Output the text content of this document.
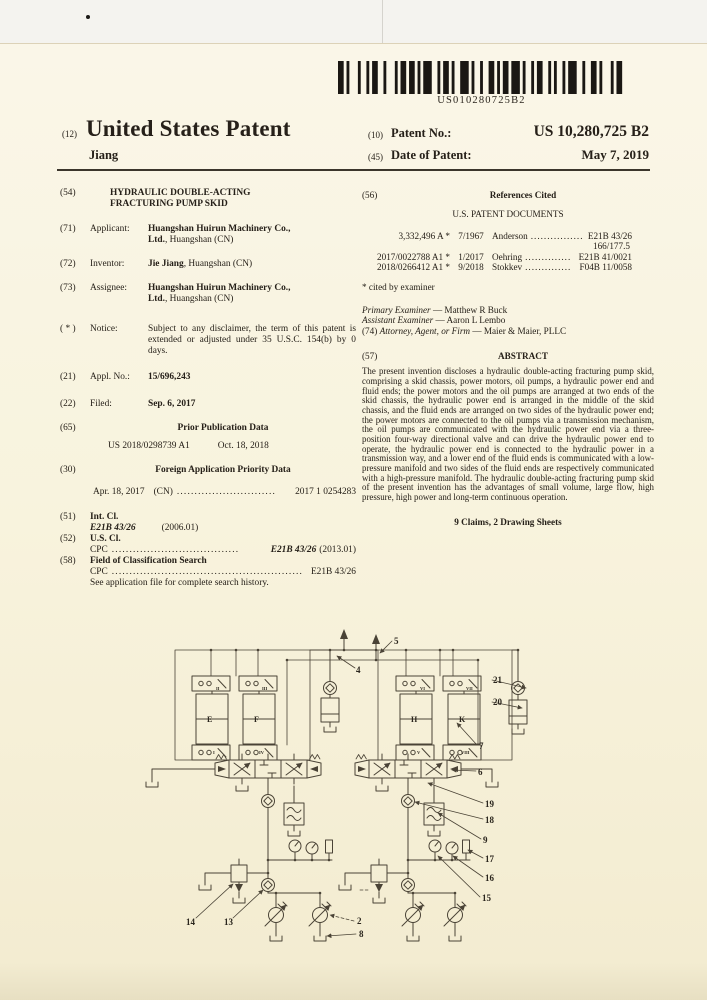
US010280725B2
(12) United States Patent
Jiang
(10) Patent No.:	US 10,280,725 B2
(45) Date of Patent:	May 7, 2019
(54)	HYDRAULIC DOUBLE-ACTING
FRACTURING PUMP SKID
(71)	Applicant:	Huangshan Huirun Machinery Co.,
Ltd., Huangshan (CN)
(72)	Inventor:	Jie Jiang, Huangshan (CN)
(73)	Assignee:	Huangshan Huirun Machinery Co.,
Ltd., Huangshan (CN)
( * )	Notice:	Subject to any disclaimer, the term of this patent is extended or adjusted under 35 U.S.C. 154(b) by 0 days.
(21)	Appl. No.:	15/696,243
(22)	Filed:	Sep. 6, 2017
(65)	Prior Publication Data
US 2018/0298739 A1	Oct. 18, 2018
(30)	Foreign Application Priority Data
Apr. 18, 2017 (CN) ............................	2017 1 0254283
(51)	Int. Cl.
E21B 43/26	(2006.01)
(52)	U.S. Cl.
CPC ....................................	E21B 43/26 (2013.01)
(58)	Field of Classification Search
CPC ...................................................... E21B 43/26
See application file for complete search history.
(56)	References Cited
U.S. PATENT DOCUMENTS
3,332,496 A * 7/1967 Anderson ................ E21B 43/26
166/177.5
2017/0022788 A1 * 1/2017 Oehring .............. E21B 41/0021
2018/0266412 A1 * 9/2018 Stokkev .............. F04B 11/0058
* cited by examiner
Primary Examiner — Matthew R Buck
Assistant Examiner — Aaron L Lembo
(74) Attorney, Agent, or Firm — Maier & Maier, PLLC
(57)	ABSTRACT
The present invention discloses a hydraulic double-acting fracturing pump skid, comprising a skid chassis, power motors, oil pumps, a hydraulic power end and fluid ends; the power motors and the oil pumps are arranged at two ends of the skid chassis, the hydraulic power end is arranged in the middle of the skid chassis, and the fluid ends are arranged on two sides of the hydraulic power end; the power motors are connected to the oil pumps via a transmission mechanism, the oil pumps are communicated with the hydraulic power end via a three-position four-way directional valve and can drive the hydraulic power end to operate, the hydraulic power end is connected to the hydraulic power in a transmission way, and a lower end of the fluid ends is communicated with a low-pressure manifold and two sides of the fluid ends are respectively communicated with a high-pressure manifold. The hydraulic double-acting fracturing pump skid of the present invention has the advantages of small volume, large flow, high pressure, high power and long-term continuous operation.
9 Claims, 2 Drawing Sheets
5
4
21
20
7
6
19
18
9
17
16
15
14	13	2
8
E	F	H	K
II	III
I	IV
VI	VII
V	VIII
